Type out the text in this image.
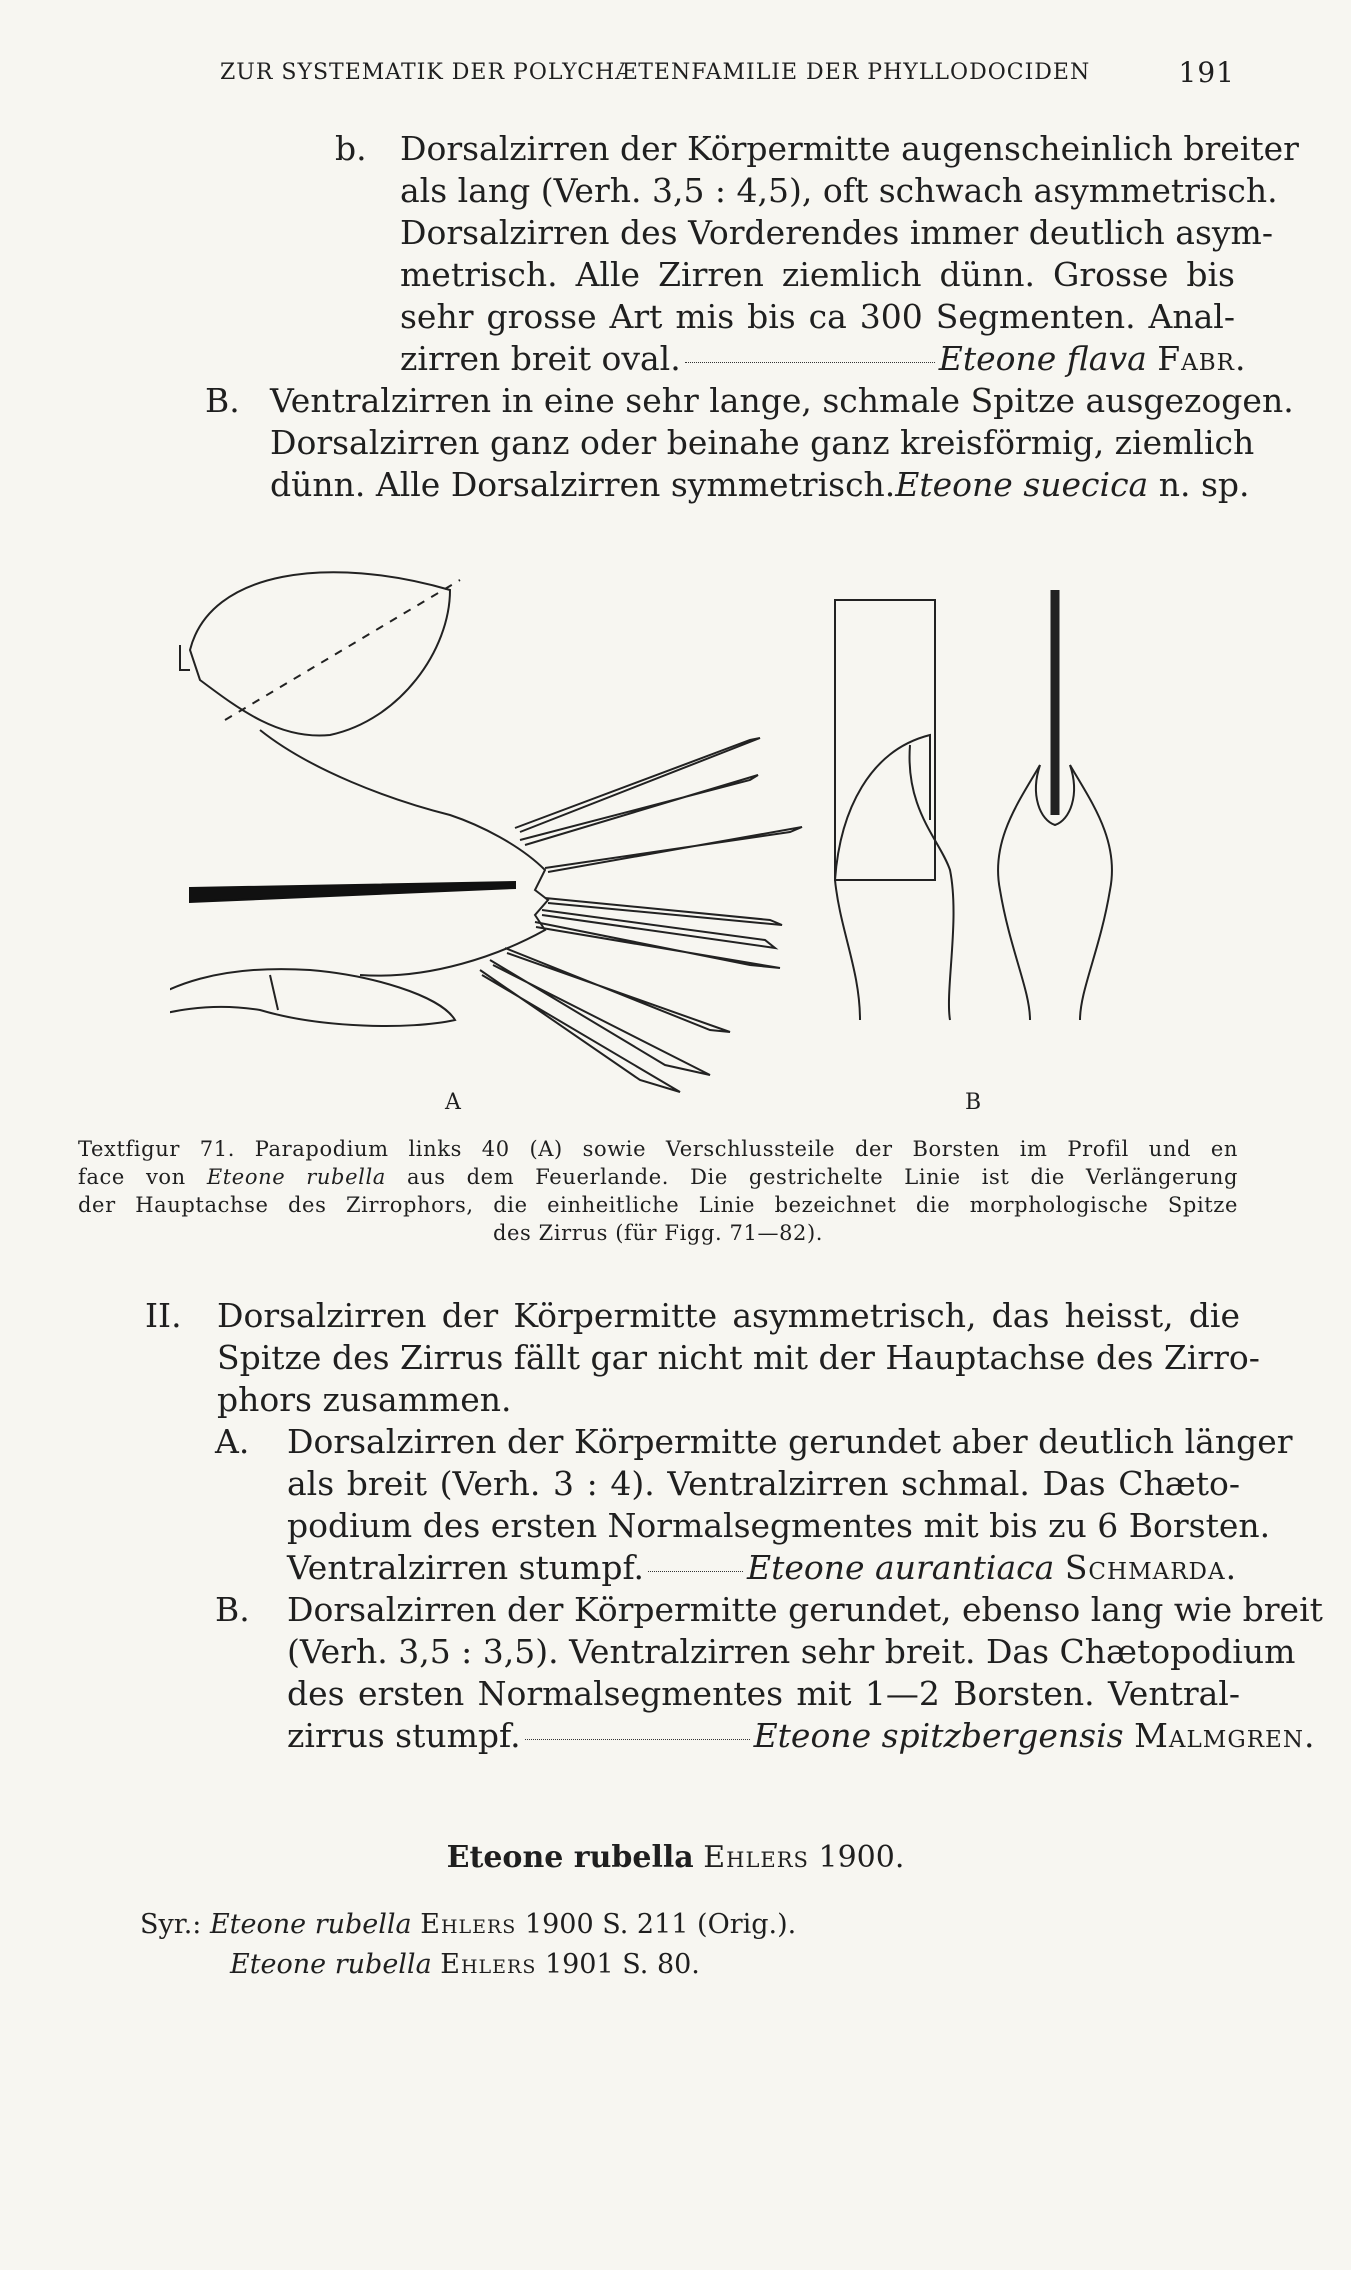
ZUR SYSTEMATIK DER POLYCHÆTENFAMILIE DER PHYLLODOCIDEN	191
b. Dorsalzirren der Körpermitte augenscheinlich breiter
als lang (Verh. 3,5 : 4,5), oft schwach asymmetrisch.
Dorsalzirren des Vorderendes immer deutlich asym-
metrisch. Alle Zirren ziemlich dünn. Grosse bis
sehr grosse Art mis bis ca 300 Segmenten. Anal-
zirren breit oval.	Eteone flava Fabr.
B. Ventralzirren in eine sehr lange, schmale Spitze ausgezogen.
Dorsalzirren ganz oder beinahe ganz kreisförmig, ziemlich
dünn. Alle Dorsalzirren symmetrisch. Eteone suecica n. sp.
A	B
Textfigur 71. Parapodium links 40 (A) sowie Verschlussteile der Borsten im Profil und en
face von Eteone rubella aus dem Feuerlande. Die gestrichelte Linie ist die Verlängerung
der Hauptachse des Zirrophors, die einheitliche Linie bezeichnet die morphologische Spitze
des Zirrus (für Figg. 71—82).
II. Dorsalzirren der Körpermitte asymmetrisch, das heisst, die
Spitze des Zirrus fällt gar nicht mit der Hauptachse des Zirro-
phors zusammen.
A. Dorsalzirren der Körpermitte gerundet aber deutlich länger
als breit (Verh. 3 : 4). Ventralzirren schmal. Das Chæto-
podium des ersten Normalsegmentes mit bis zu 6 Borsten.
Ventralzirren stumpf.	Eteone aurantiaca Schmarda.
B. Dorsalzirren der Körpermitte gerundet, ebenso lang wie breit
(Verh. 3,5 : 3,5). Ventralzirren sehr breit. Das Chætopodium
des ersten Normalsegmentes mit 1—2 Borsten. Ventral-
zirrus stumpf.	Eteone spitzbergensis Malmgren.
Eteone rubella Ehlers 1900.
Syr.: Eteone rubella Ehlers 1900 S. 211 (Orig.).
Eteone rubella Ehlers 1901 S. 80.
